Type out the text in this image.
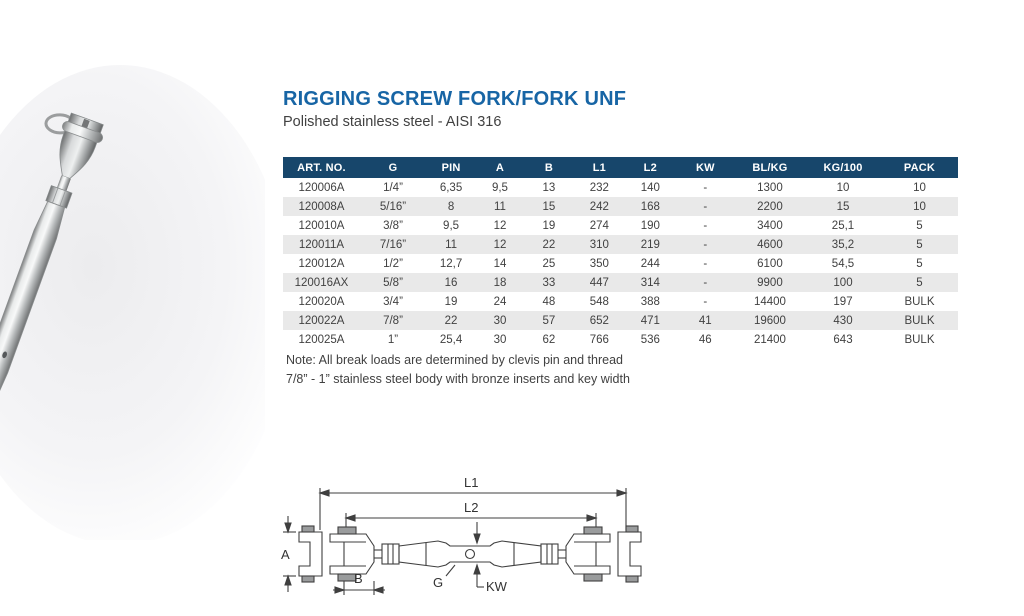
RIGGING SCREW FORK/FORK UNF
Polished stainless steel - AISI 316
ART. NO.	G	PIN	A	B	L1	L2	KW	BL/KG	KG/100	PACK
120006A	1/4”	6,35	9,5	13	232	140	-	1300	10	10
120008A	5/16”	8	11	15	242	168	-	2200	15	10
120010A	3/8”	9,5	12	19	274	190	-	3400	25,1	5
120011A	7/16”	11	12	22	310	219	-	4600	35,2	5
120012A	1/2”	12,7	14	25	350	244	-	6100	54,5	5
120016AX	5/8”	16	18	33	447	314	-	9900	100	5
120020A	3/4”	19	24	48	548	388	-	14400	197	BULK
120022A	7/8”	22	30	57	652	471	41	19600	430	BULK
120025A	1”	25,4	30	62	766	536	46	21400	643	BULK
Note: All break loads are determined by clevis pin and thread
7/8” - 1” stainless steel body with bronze inserts and key width
L1
L2
A
B	G	KW
